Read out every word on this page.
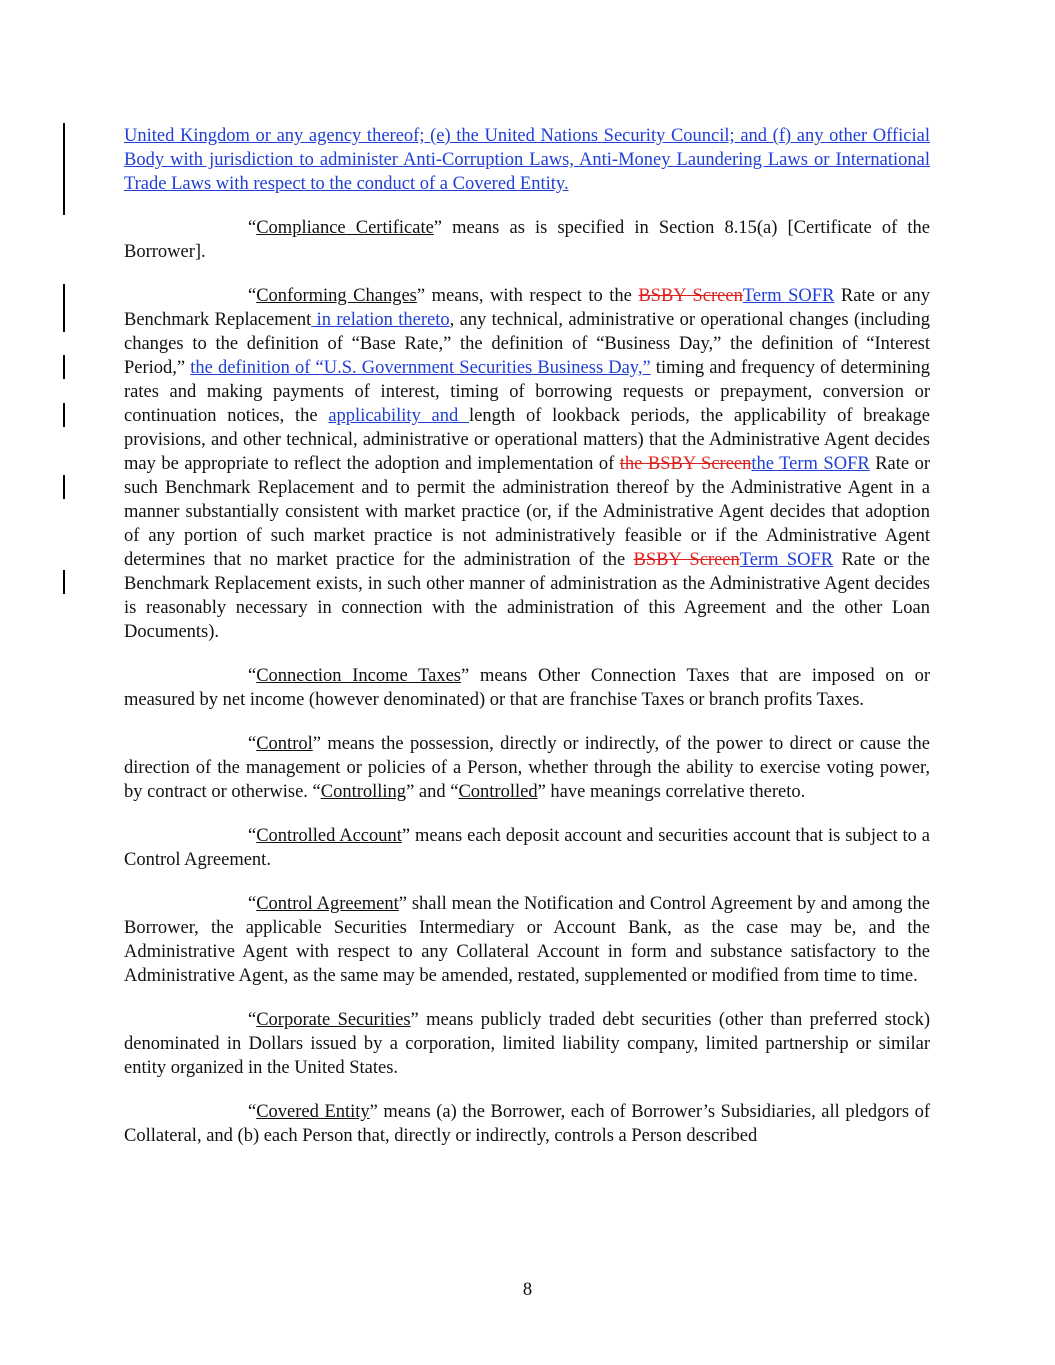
United Kingdom or any agency thereof; (e) the United Nations Security Council; and (f) any other Official Body with jurisdiction to administer Anti-Corruption Laws, Anti-Money Laundering Laws or International Trade Laws with respect to the conduct of a Covered Entity.

“Compliance Certificate” means as is specified in Section 8.15(a) [Certificate of the Borrower].

“Conforming Changes” means, with respect to the BSBY ScreenTerm SOFR Rate or any Benchmark Replacement in relation thereto, any technical, administrative or operational changes (including changes to the definition of “Base Rate,” the definition of “Business Day,” the definition of “Interest Period,” the definition of “U.S. Government Securities Business Day,” timing and frequency of determining rates and making payments of interest, timing of borrowing requests or prepayment, conversion or continuation notices, the applicability and length of lookback periods, the applicability of breakage provisions, and other technical, administrative or operational matters) that the Administrative Agent decides may be appropriate to reflect the adoption and implementation of the BSBY Screenthe Term SOFR Rate or such Benchmark Replacement and to permit the administration thereof by the Administrative Agent in a manner substantially consistent with market practice (or, if the Administrative Agent decides that adoption of any portion of such market practice is not administratively feasible or if the Administrative Agent determines that no market practice for the administration of the BSBY ScreenTerm SOFR Rate or the Benchmark Replacement exists, in such other manner of administration as the Administrative Agent decides is reasonably necessary in connection with the administration of this Agreement and the other Loan Documents).

“Connection Income Taxes” means Other Connection Taxes that are imposed on or measured by net income (however denominated) or that are franchise Taxes or branch profits Taxes.

“Control” means the possession, directly or indirectly, of the power to direct or cause the direction of the management or policies of a Person, whether through the ability to exercise voting power, by contract or otherwise. “Controlling” and “Controlled” have meanings correlative thereto.

“Controlled Account” means each deposit account and securities account that is subject to a Control Agreement.

“Control Agreement” shall mean the Notification and Control Agreement by and among the Borrower, the applicable Securities Intermediary or Account Bank, as the case may be, and the Administrative Agent with respect to any Collateral Account in form and substance satisfactory to the Administrative Agent, as the same may be amended, restated, supplemented or modified from time to time.

“Corporate Securities” means publicly traded debt securities (other than preferred stock) denominated in Dollars issued by a corporation, limited liability company, limited partnership or similar entity organized in the United States.

“Covered Entity” means (a) the Borrower, each of Borrower’s Subsidiaries, all pledgors of Collateral, and (b) each Person that, directly or indirectly, controls a Person described

8
